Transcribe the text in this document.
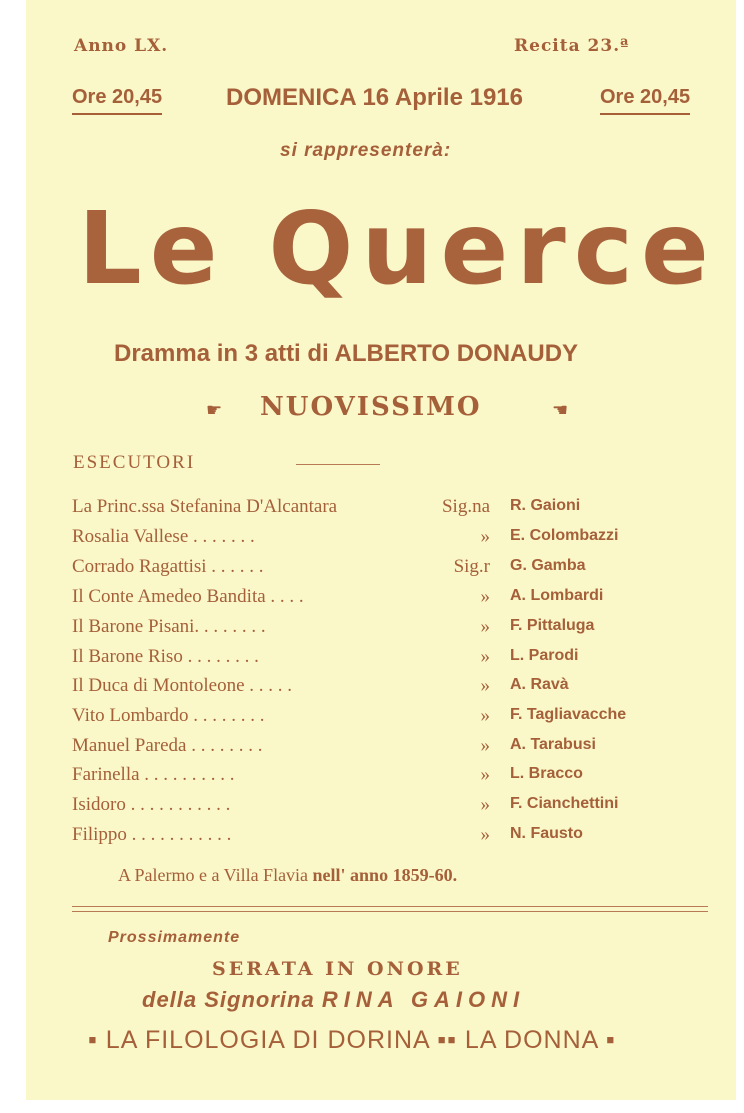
Anno LX.	Recita 23.ª
Ore 20,45	DOMENICA 16 Aprile 1916	Ore 20,45
si rappresenterà:
Le Querce
Dramma in 3 atti di ALBERTO DONAUDY
☛ NUOVISSIMO	☚
ESECUTORI
La Princ.ssa Stefanina D'Alcantara	Sig.na R. Gaioni
Rosalia Vallese . . . . . . .	» E. Colombazzi
Corrado Ragattisi . . . . . .	Sig.r G. Gamba
Il Conte Amedeo Bandita . . . .	» A. Lombardi
Il Barone Pisani. . . . . . . .	» F. Pittaluga
Il Barone Riso . . . . . . . .	» L. Parodi
Il Duca di Montoleone . . . . .	» A. Ravà
Vito Lombardo . . . . . . . .	» F. Tagliavacche
Manuel Pareda . . . . . . . .	» A. Tarabusi
Farinella . . . . . . . . . .	» L. Bracco
Isidoro . . . . . . . . . . .	» F. Cianchettini
Filippo . . . . . . . . . . .	» N. Fausto
A Palermo e a Villa Flavia nell' anno 1859-60.
Prossimamente
SERATA IN ONORE
della Signorina RINA GAIONI
▪ LA FILOLOGIA DI DORINA ▪▪ LA DONNA ▪
